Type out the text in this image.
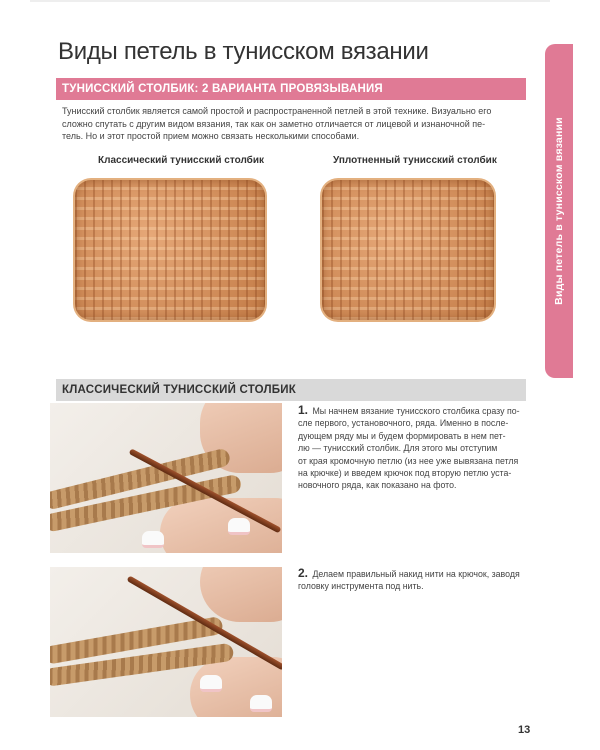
Виды петель в тунисском вязании
Виды петель в тунисском вязании
ТУНИССКИЙ СТОЛБИК: 2 ВАРИАНТА ПРОВЯЗЫВАНИЯ
Тунисский столбик является самой простой и распространенной петлей в этой технике. Визуально его
сложно спутать с другим видом вязания, так как он заметно отличается от лицевой и изнаночной пе-
тель. Но и этот простой прием можно связать несколькими способами.
Классический тунисский столбик	Уплотненный тунисский столбик
КЛАССИЧЕСКИЙ ТУНИССКИЙ СТОЛБИК
1. Мы начнем вязание тунисского столбика сразу по-
сле первого, установочного, ряда. Именно в после-
дующем ряду мы и будем формировать в нем пет-
лю — тунисский столбик. Для этого мы отступим
от края кромочную петлю (из нее уже вывязана петля
на крючке) и введем крючок под вторую петлю уста-
новочного ряда, как показано на фото.
2. Делаем правильный накид нити на крючок, заводя
головку инструмента под нить.
13
